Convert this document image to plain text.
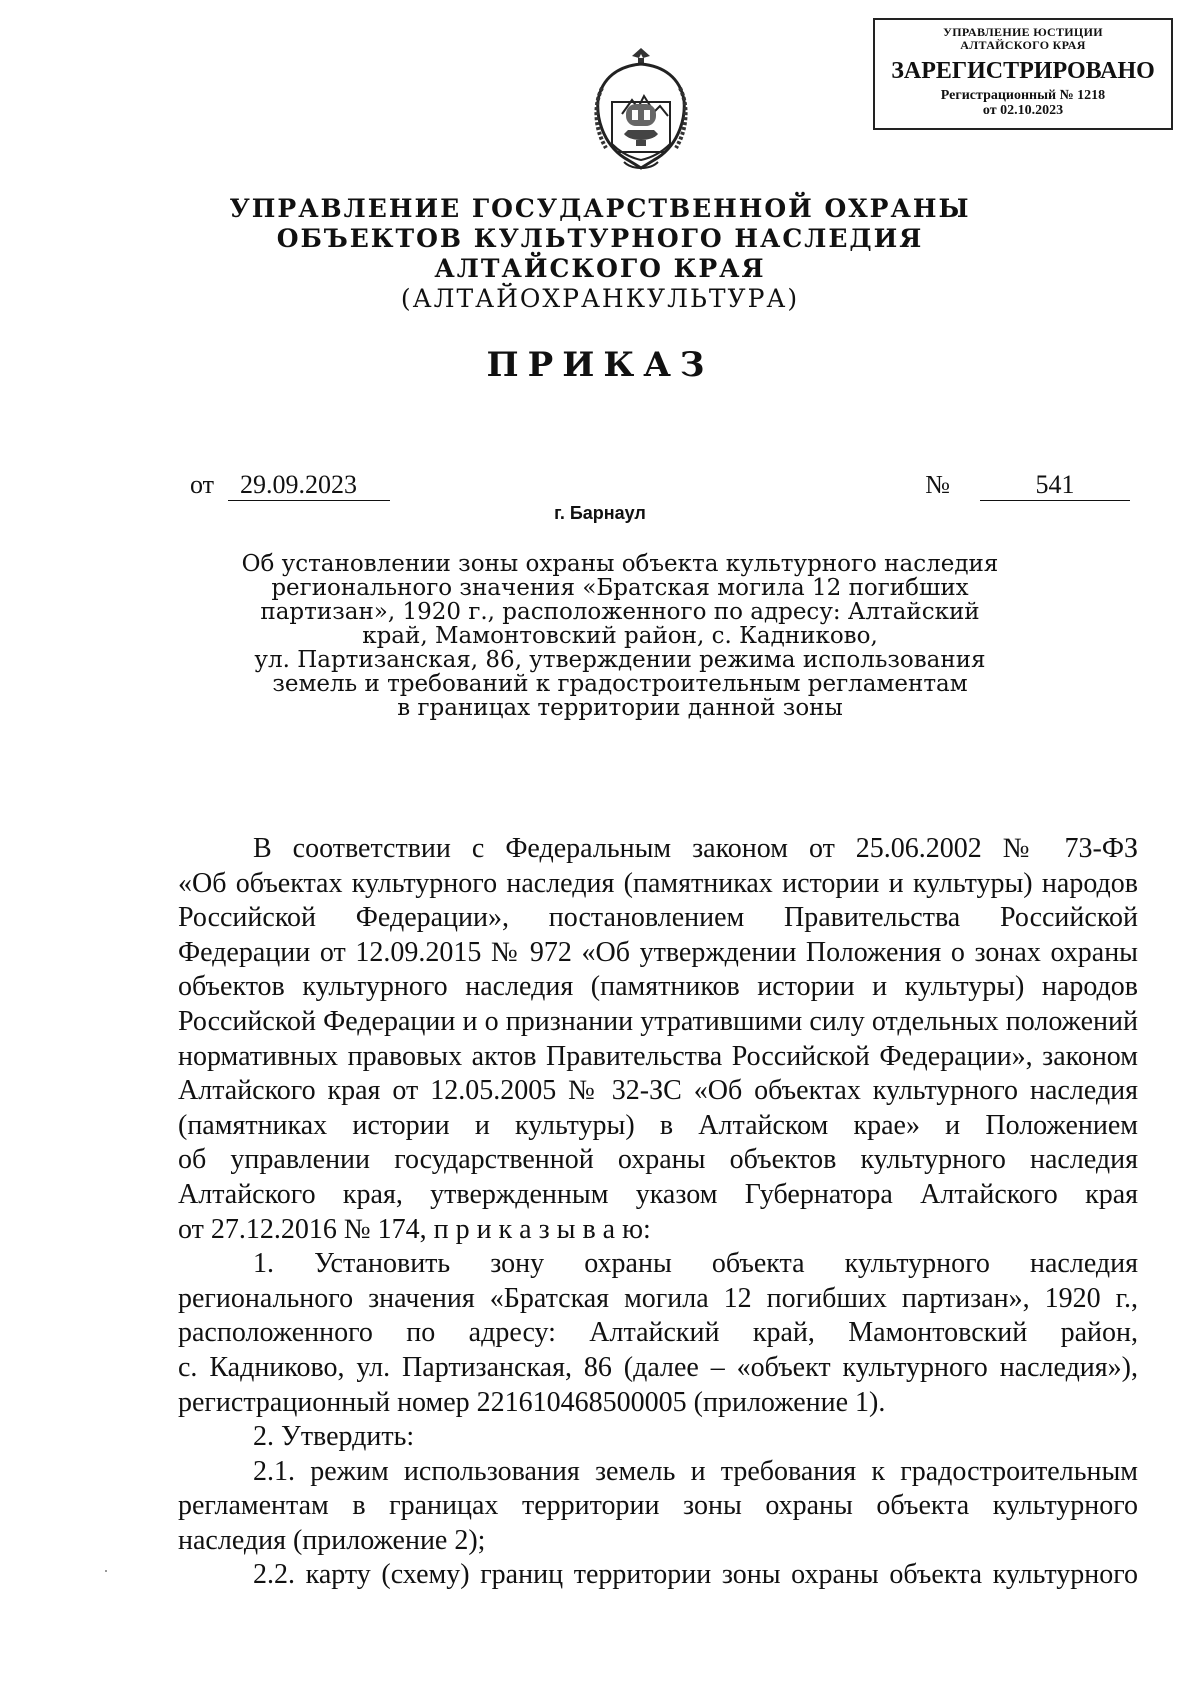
УПРАВЛЕНИЕ ЮСТИЦИИ
АЛТАЙСКОГО КРАЯ
ЗАРЕГИСТРИРОВАНО
Регистрационный № 1218
от 02.10.2023
УПРАВЛЕНИЕ ГОСУДАРСТВЕННОЙ ОХРАНЫ
ОБЪЕКТОВ КУЛЬТУРНОГО НАСЛЕДИЯ
АЛТАЙСКОГО КРАЯ
(АЛТАЙОХРАНКУЛЬТУРА)
ПРИКАЗ
от 29.09.2023	№	541
г. Барнаул
Об установлении зоны охраны объекта культурного наследия
регионального значения «Братская могила 12 погибших
партизан», 1920 г., расположенного по адресу: Алтайский
край, Мамонтовский район, с. Кадниково,
ул. Партизанская, 86, утверждении режима использования
земель и требований к градостроительным регламентам
в границах территории данной зоны
В соответствии с Федеральным законом от 25.06.2002 № 73-ФЗ
«Об объектах культурного наследия (памятниках истории и культуры) народов
Российской Федерации», постановлением Правительства Российской
Федерации от 12.09.2015 № 972 «Об утверждении Положения о зонах охраны
объектов культурного наследия (памятников истории и культуры) народов
Российской Федерации и о признании утратившими силу отдельных положений
нормативных правовых актов Правительства Российской Федерации», законом
Алтайского края от 12.05.2005 № 32-ЗС «Об объектах культурного наследия
(памятниках истории и культуры) в Алтайском крае» и Положением
об управлении государственной охраны объектов культурного наследия
Алтайского края, утвержденным указом Губернатора Алтайского края
от 27.12.2016 № 174, п р и к а з ы в а ю:
1. Установить зону охраны объекта культурного наследия
регионального значения «Братская могила 12 погибших партизан», 1920 г.,
расположенного по адресу: Алтайский край, Мамонтовский район,
с. Кадниково, ул. Партизанская, 86 (далее – «объект культурного наследия»),
регистрационный номер 221610468500005 (приложение 1).
2. Утвердить:
2.1. режим использования земель и требования к градостроительным
регламентам в границах территории зоны охраны объекта культурного
наследия (приложение 2);
2.2. карту (схему) границ территории зоны охраны объекта культурного
